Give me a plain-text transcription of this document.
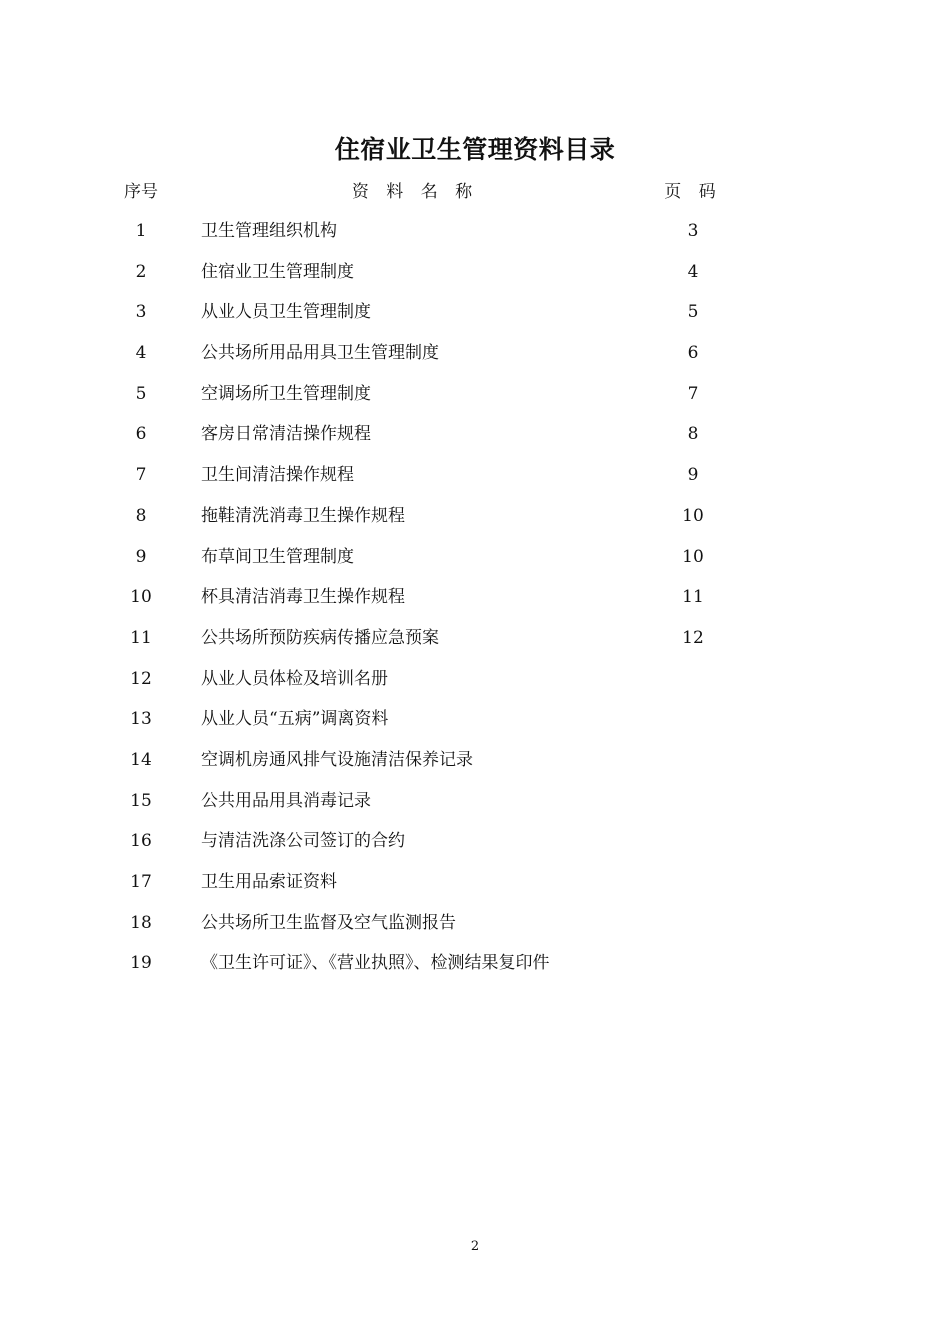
住宿业卫生管理资料目录
序号	资 料 名 称	页 码
1	卫生管理组织机构	3
2	住宿业卫生管理制度	4
3	从业人员卫生管理制度	5
4	公共场所用品用具卫生管理制度	6
5	空调场所卫生管理制度	7
6	客房日常清洁操作规程	8
7	卫生间清洁操作规程	9
8	拖鞋清洗消毒卫生操作规程	10
9	布草间卫生管理制度	10
10	杯具清洁消毒卫生操作规程	11
11	公共场所预防疾病传播应急预案	12
12	从业人员体检及培训名册
13	从业人员“五病”调离资料
14	空调机房通风排气设施清洁保养记录
15	公共用品用具消毒记录
16	与清洁洗涤公司签订的合约
17	卫生用品索证资料
18	公共场所卫生监督及空气监测报告
19	《卫生许可证》、《营业执照》、检测结果复印件
2
